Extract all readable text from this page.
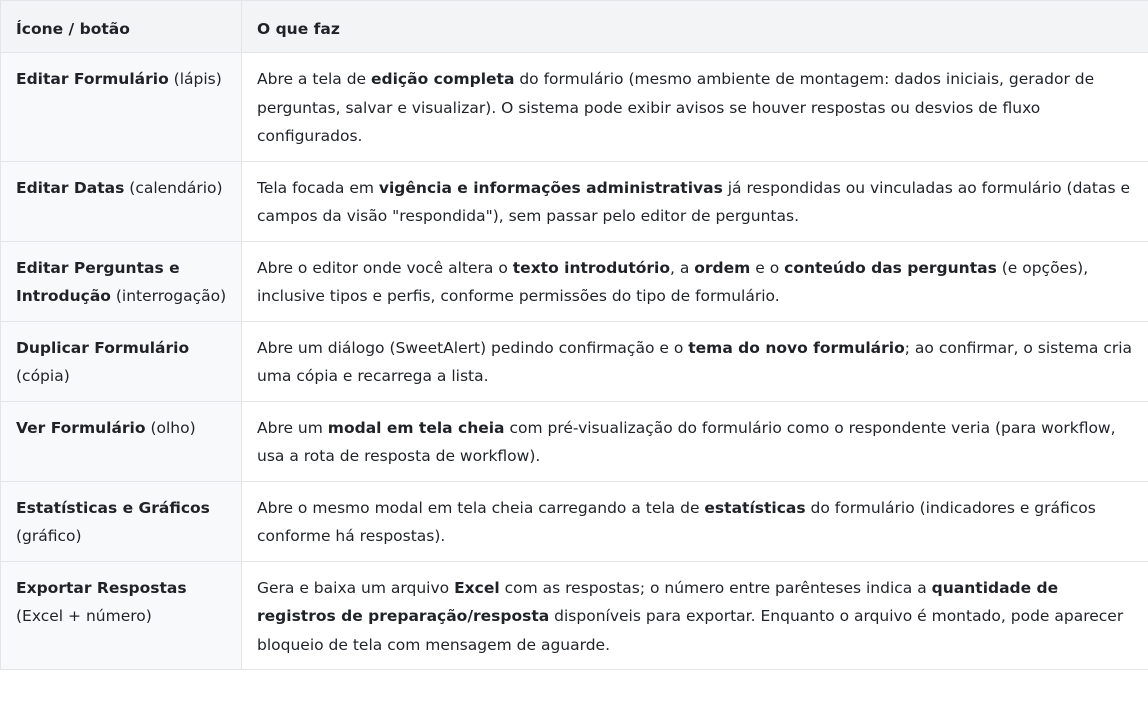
Ícone / botão	O que faz
Editar Formulário (lápis)	Abre a tela de edição completa do formulário (mesmo ambiente de montagem: dados iniciais, gerador de perguntas, salvar e visualizar). O sistema pode exibir avisos se houver respostas ou desvios de fluxo configurados.
Editar Datas (calendário)	Tela focada em vigência e informações administrativas já respondidas ou vinculadas ao formulário (datas e campos da visão "respondida"), sem passar pelo editor de perguntas.
Editar Perguntas e Introdução (interrogação)	Abre o editor onde você altera o texto introdutório, a ordem e o conteúdo das perguntas (e opções), inclusive tipos e perfis, conforme permissões do tipo de formulário.
Duplicar Formulário (cópia)	Abre um diálogo (SweetAlert) pedindo confirmação e o tema do novo formulário; ao confirmar, o sistema cria uma cópia e recarrega a lista.
Ver Formulário (olho)	Abre um modal em tela cheia com pré-visualização do formulário como o respondente veria (para workflow, usa a rota de resposta de workflow).
Estatísticas e Gráficos (gráfico)	Abre o mesmo modal em tela cheia carregando a tela de estatísticas do formulário (indicadores e gráficos conforme há respostas).
Exportar Respostas (Excel + número)	Gera e baixa um arquivo Excel com as respostas; o número entre parênteses indica a quantidade de registros de preparação/resposta disponíveis para exportar. Enquanto o arquivo é montado, pode aparecer bloqueio de tela com mensagem de aguarde.
